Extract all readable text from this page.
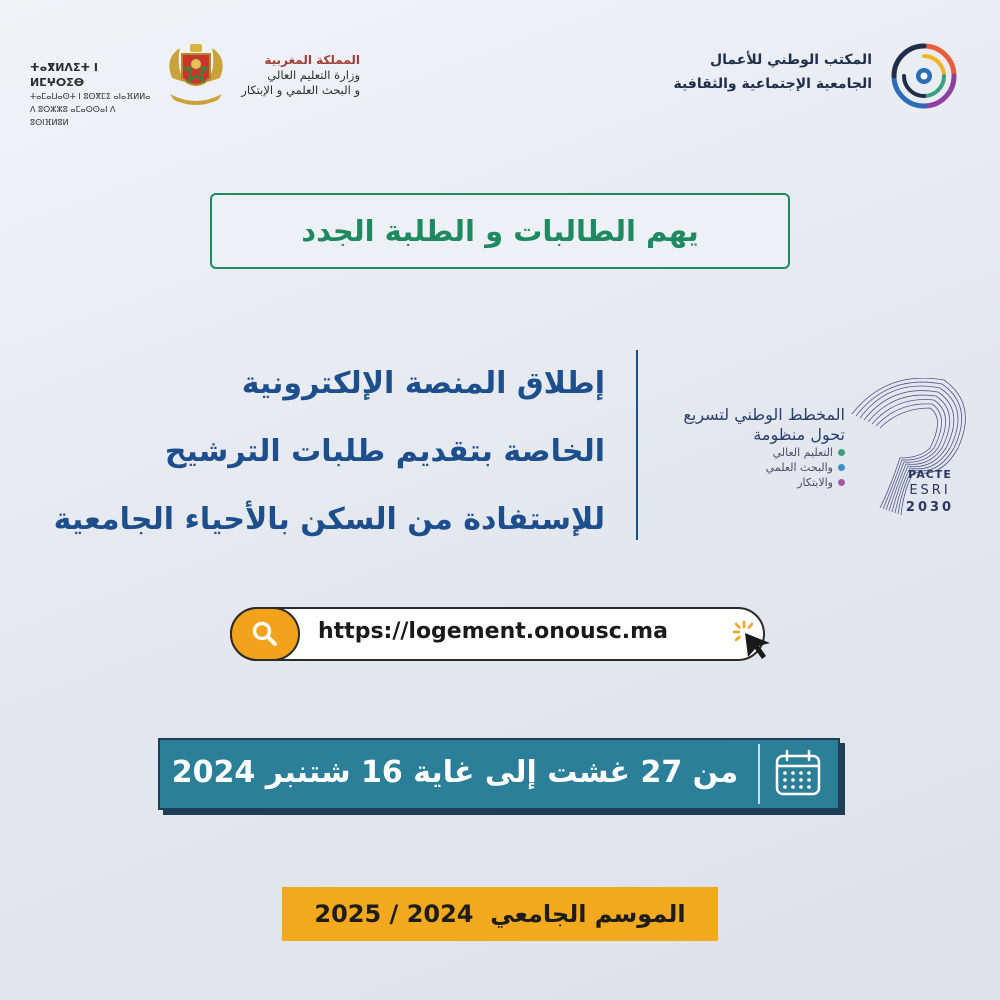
ⵜⴰⴳⵍⴷⵉⵜ ⵏ ⵍⵎⵖⵔⵉⴱ
ⵜⴰⵎⴰⵡⴰⵙⵜ ⵏ ⵓⵙⴳⵎⵉ ⴰⵏⴰⴼⵍⵍⴰ
ⴷ ⵓⵔⵣⵣⵓ ⴰⵎⴰⵙⵙⴰⵏ ⴷ ⵓⵙⵏⴼⵍⵓⵍ
المملكة المغربية
وزارة التعليم العالي
و البحث العلمي و الإبتكار
المكتب الوطني للأعمال
الجامعية الإجتماعية والثقافية
يهم الطالبات و الطلبة الجدد
إطلاق المنصة الإلكترونية
الخاصة بتقديم طلبات الترشيح
للإستفادة من السكن بالأحياء الجامعية
المخطط الوطني لتسريع
تحول منظومة
التعليم العالي
والبحث العلمي
والابتكار
PACTE
ESRI
2030
https://logement.onousc.ma
من 27 غشت إلى غاية 16 شتنبر 2024
الموسم الجامعي  2024 / 2025
